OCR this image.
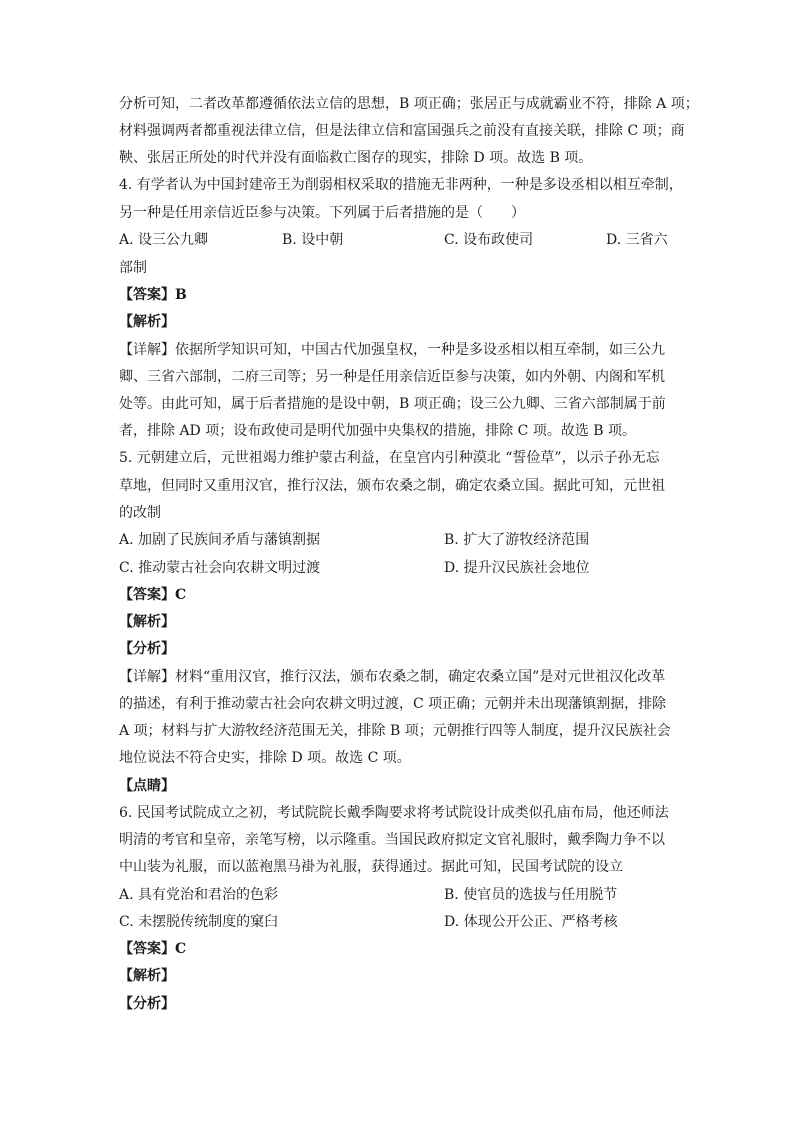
分析可知，二者改革都遵循依法立信的思想，B 项正确；张居正与成就霸业不符，排除 A 项；
材料强调两者都重视法律立信，但是法律立信和富国强兵之前没有直接关联，排除 C 项；商
鞅、张居正所处的时代并没有面临救亡图存的现实，排除 D 项。故选 B 项。
4. 有学者认为中国封建帝王为削弱相权采取的措施无非两种，一种是多设丞相以相互牵制，
另一种是任用亲信近臣参与决策。下列属于后者措施的是（　　）
A. 设三公九卿	B. 设中朝	C. 设布政使司	D. 三省六
部制
【答案】B
【解析】
【详解】依据所学知识可知，中国古代加强皇权，一种是多设丞相以相互牵制，如三公九
卿、三省六部制，二府三司等；另一种是任用亲信近臣参与决策，如内外朝、内阁和军机
处等。由此可知，属于后者措施的是设中朝，B 项正确；设三公九卿、三省六部制属于前
者，排除 AD 项；设布政使司是明代加强中央集权的措施，排除 C 项。故选 B 项。
5. 元朝建立后，元世祖竭力维护蒙古利益，在皇宫内引种漠北 “誓俭草”，以示子孙无忘
草地，但同时又重用汉官，推行汉法，颁布农桑之制，确定农桑立国。据此可知，元世祖
的改制
A. 加剧了民族间矛盾与藩镇割据	B. 扩大了游牧经济范围
C. 推动蒙古社会向农耕文明过渡	D. 提升汉民族社会地位
【答案】C
【解析】
【分析】
【详解】材料“重用汉官，推行汉法，颁布农桑之制，确定农桑立国”是对元世祖汉化改革
的描述，有利于推动蒙古社会向农耕文明过渡，C 项正确；元朝并未出现藩镇割据，排除
A 项；材料与扩大游牧经济范围无关，排除 B 项；元朝推行四等人制度，提升汉民族社会
地位说法不符合史实，排除 D 项。故选 C 项。
【点睛】
6. 民国考试院成立之初，考试院院长戴季陶要求将考试院设计成类似孔庙布局，他还师法
明清的考官和皇帝，亲笔写榜，以示隆重。当国民政府拟定文官礼服时，戴季陶力争不以
中山装为礼服，而以蓝袍黑马褂为礼服，获得通过。据此可知，民国考试院的设立
A. 具有党治和君治的色彩	B. 使官员的选拔与任用脱节
C. 未摆脱传统制度的窠臼	D. 体现公开公正、严格考核
【答案】C
【解析】
【分析】
